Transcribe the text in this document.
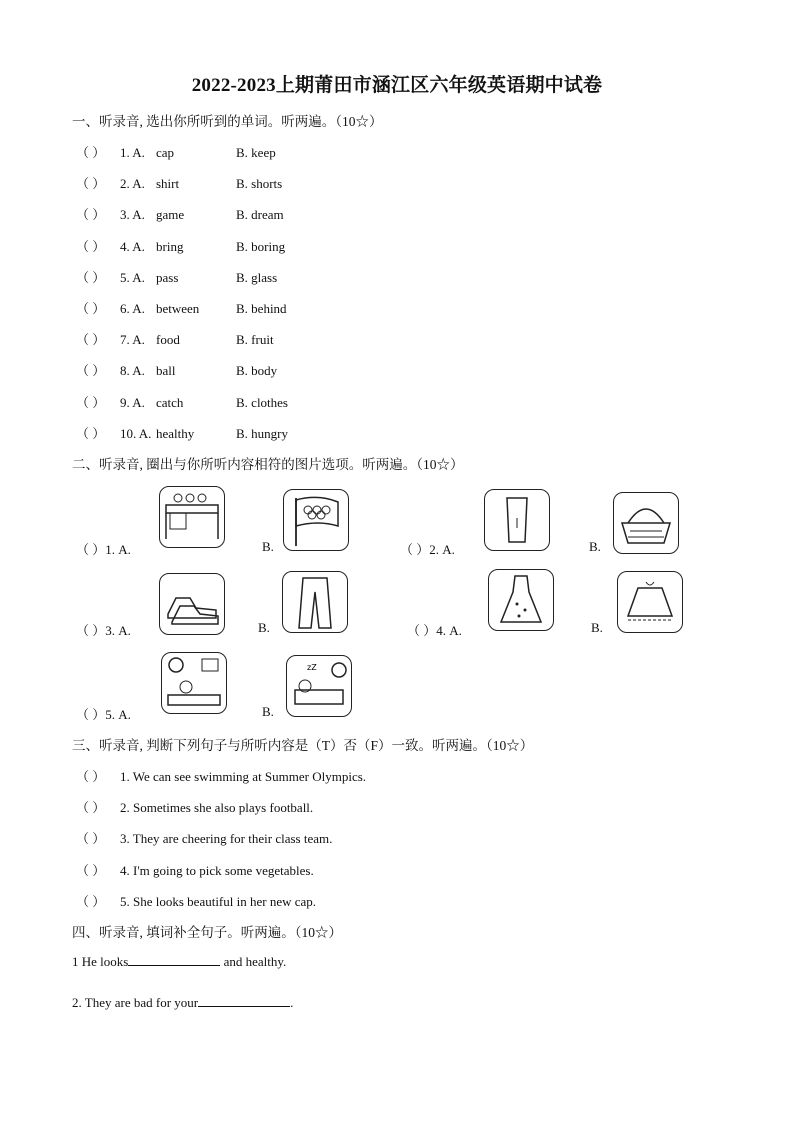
2022-2023上期莆田市涵江区六年级英语期中试卷
一、听录音, 选出你所听到的单词。听两遍。（10☆）
（ ） 1. A. cap	B. keep
（ ） 2. A. shirt	B. shorts
（ ） 3. A. game	B. dream
（ ） 4. A. bring	B. boring
（ ） 5. A. pass	B. glass
（ ） 6. A. between	B. behind
（ ） 7. A. food	B. fruit
（ ） 8. A. ball	B. body
（ ） 9. A. catch	B. clothes
（ ） 10. A. healthy	B. hungry
二、听录音, 圈出与你所听内容相符的图片选项。听两遍。（10☆）
（ ）1. A.	B.	（ ）2. A.	B.
（ ）3. A.	B.	（ ）4. A.	B.
（ ）5. A.	B.
zZ
三、听录音, 判断下列句子与所听内容是（T）否（F）一致。听两遍。（10☆）
（ ） 1. We can see swimming at Summer Olympics.
（ ） 2. Sometimes she also plays football.
（ ） 3. They are cheering for their class team.
（ ） 4. I'm going to pick some vegetables.
（ ） 5. She looks beautiful in her new cap.
四、听录音, 填词补全句子。听两遍。（10☆）
1 He looks	and healthy.
2. They are bad for your	.
